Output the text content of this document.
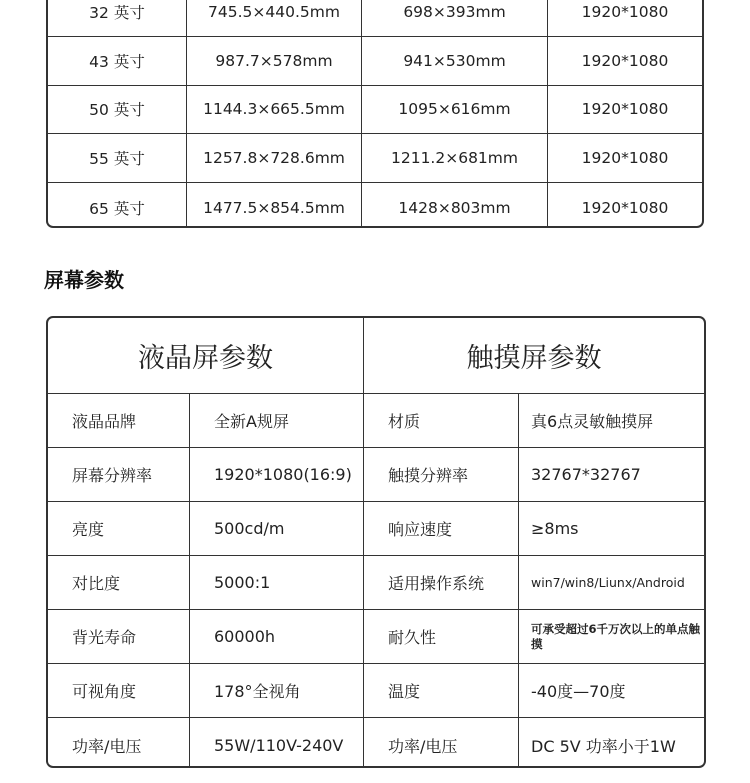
32 英寸	745.5×440.5mm	698×393mm	1920*1080
43 英寸	987.7×578mm	941×530mm	1920*1080
50 英寸	1144.3×665.5mm	1095×616mm	1920*1080
55 英寸	1257.8×728.6mm	1211.2×681mm	1920*1080
65 英寸	1477.5×854.5mm	1428×803mm	1920*1080
屏幕参数
液晶屏参数	触摸屏参数
液晶品牌	全新A规屏	材质	真6点灵敏触摸屏
屏幕分辨率	1920*1080(16:9)	触摸分辨率	32767*32767
亮度	500cd/m	响应速度	≥8ms
对比度	5000:1	适用操作系统	win7/win8/Liunx/Android
背光寿命	60000h	耐久性	可承受超过6千万次以上的单点触摸
可视角度	178°全视角	温度	-40度—70度
功率/电压	55W/110V-240V	功率/电压	DC 5V 功率小于1W
